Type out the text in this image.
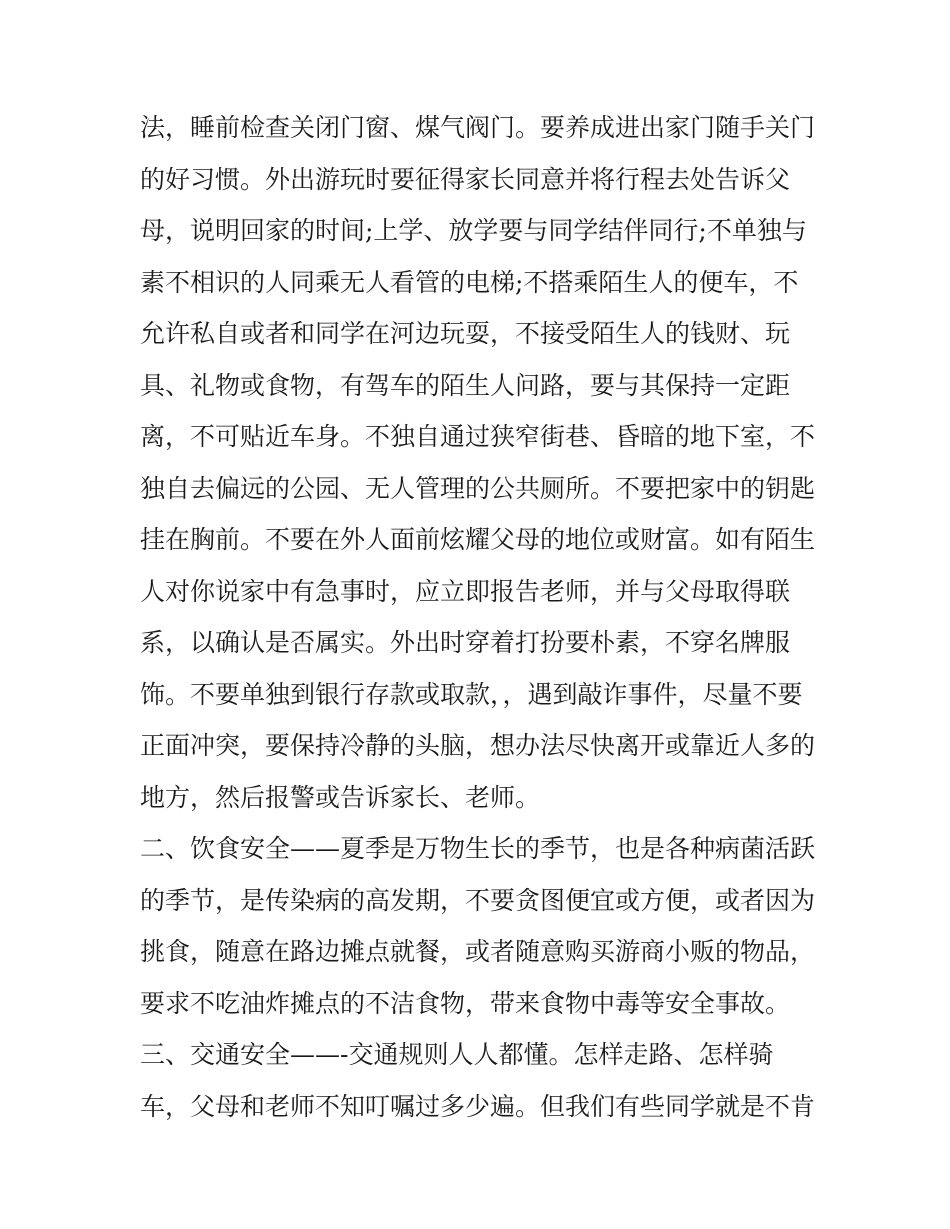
法，睡前检查关闭门窗、煤气阀门。要养成进出家门随手关门
的好习惯。外出游玩时要征得家长同意并将行程去处告诉父
母，说明回家的时间;上学、放学要与同学结伴同行;不单独与
素不相识的人同乘无人看管的电梯;不搭乘陌生人的便车，不
允许私自或者和同学在河边玩耍，不接受陌生人的钱财、玩
具、礼物或食物，有驾车的陌生人问路，要与其保持一定距
离，不可贴近车身。不独自通过狭窄街巷、昏暗的地下室，不
独自去偏远的公园、无人管理的公共厕所。不要把家中的钥匙
挂在胸前。不要在外人面前炫耀父母的地位或财富。如有陌生
人对你说家中有急事时，应立即报告老师，并与父母取得联
系，以确认是否属实。外出时穿着打扮要朴素，不穿名牌服
饰。不要单独到银行存款或取款，，遇到敲诈事件，尽量不要
正面冲突，要保持冷静的头脑，想办法尽快离开或靠近人多的
地方，然后报警或告诉家长、老师。
二、饮食安全——夏季是万物生长的季节，也是各种病菌活跃
的季节，是传染病的高发期，不要贪图便宜或方便，或者因为
挑食，随意在路边摊点就餐，或者随意购买游商小贩的物品，
要求不吃油炸摊点的不洁食物，带来食物中毒等安全事故。
三、交通安全——-交通规则人人都懂。怎样走路、怎样骑
车，父母和老师不知叮嘱过多少遍。但我们有些同学就是不肯
